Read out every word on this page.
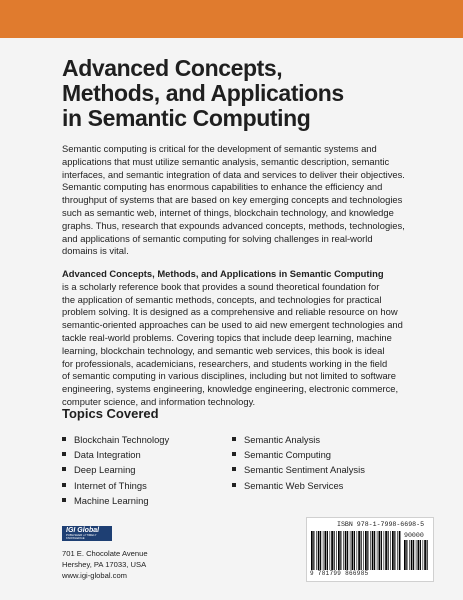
Advanced Concepts,
Methods, and Applications
in Semantic Computing
Semantic computing is critical for the development of semantic systems and
applications that must utilize semantic analysis, semantic description, semantic
interfaces, and semantic integration of data and services to deliver their objectives.
Semantic computing has enormous capabilities to enhance the efficiency and
throughput of systems that are based on key emerging concepts and technologies
such as semantic web, internet of things, blockchain technology, and knowledge
graphs. Thus, research that expounds advanced concepts, methods, technologies,
and applications of semantic computing for solving challenges in real-world
domains is vital.
Advanced Concepts, Methods, and Applications in Semantic Computing
is a scholarly reference book that provides a sound theoretical foundation for
the application of semantic methods, concepts, and technologies for practical
problem solving. It is designed as a comprehensive and reliable resource on how
semantic-oriented approaches can be used to aid new emergent technologies and
tackle real-world problems. Covering topics that include deep learning, machine
learning, blockchain technology, and semantic web services, this book is ideal
for professionals, academicians, researchers, and students working in the field
of semantic computing in various disciplines, including but not limited to software
engineering, systems engineering, knowledge engineering, electronic commerce,
computer science, and information technology.
Topics Covered
Blockchain Technology
Data Integration
Deep Learning
Internet of Things
Machine Learning
Semantic Analysis
Semantic Computing
Semantic Sentiment Analysis
Semantic Web Services
IGI Global
PUBLISHER of TIMELY KNOWLEDGE
701 E. Chocolate Avenue
Hershey, PA 17033, USA
www.igi-global.com
ISBN 978-1-7998-6698-5
90000
9 781799 866985
